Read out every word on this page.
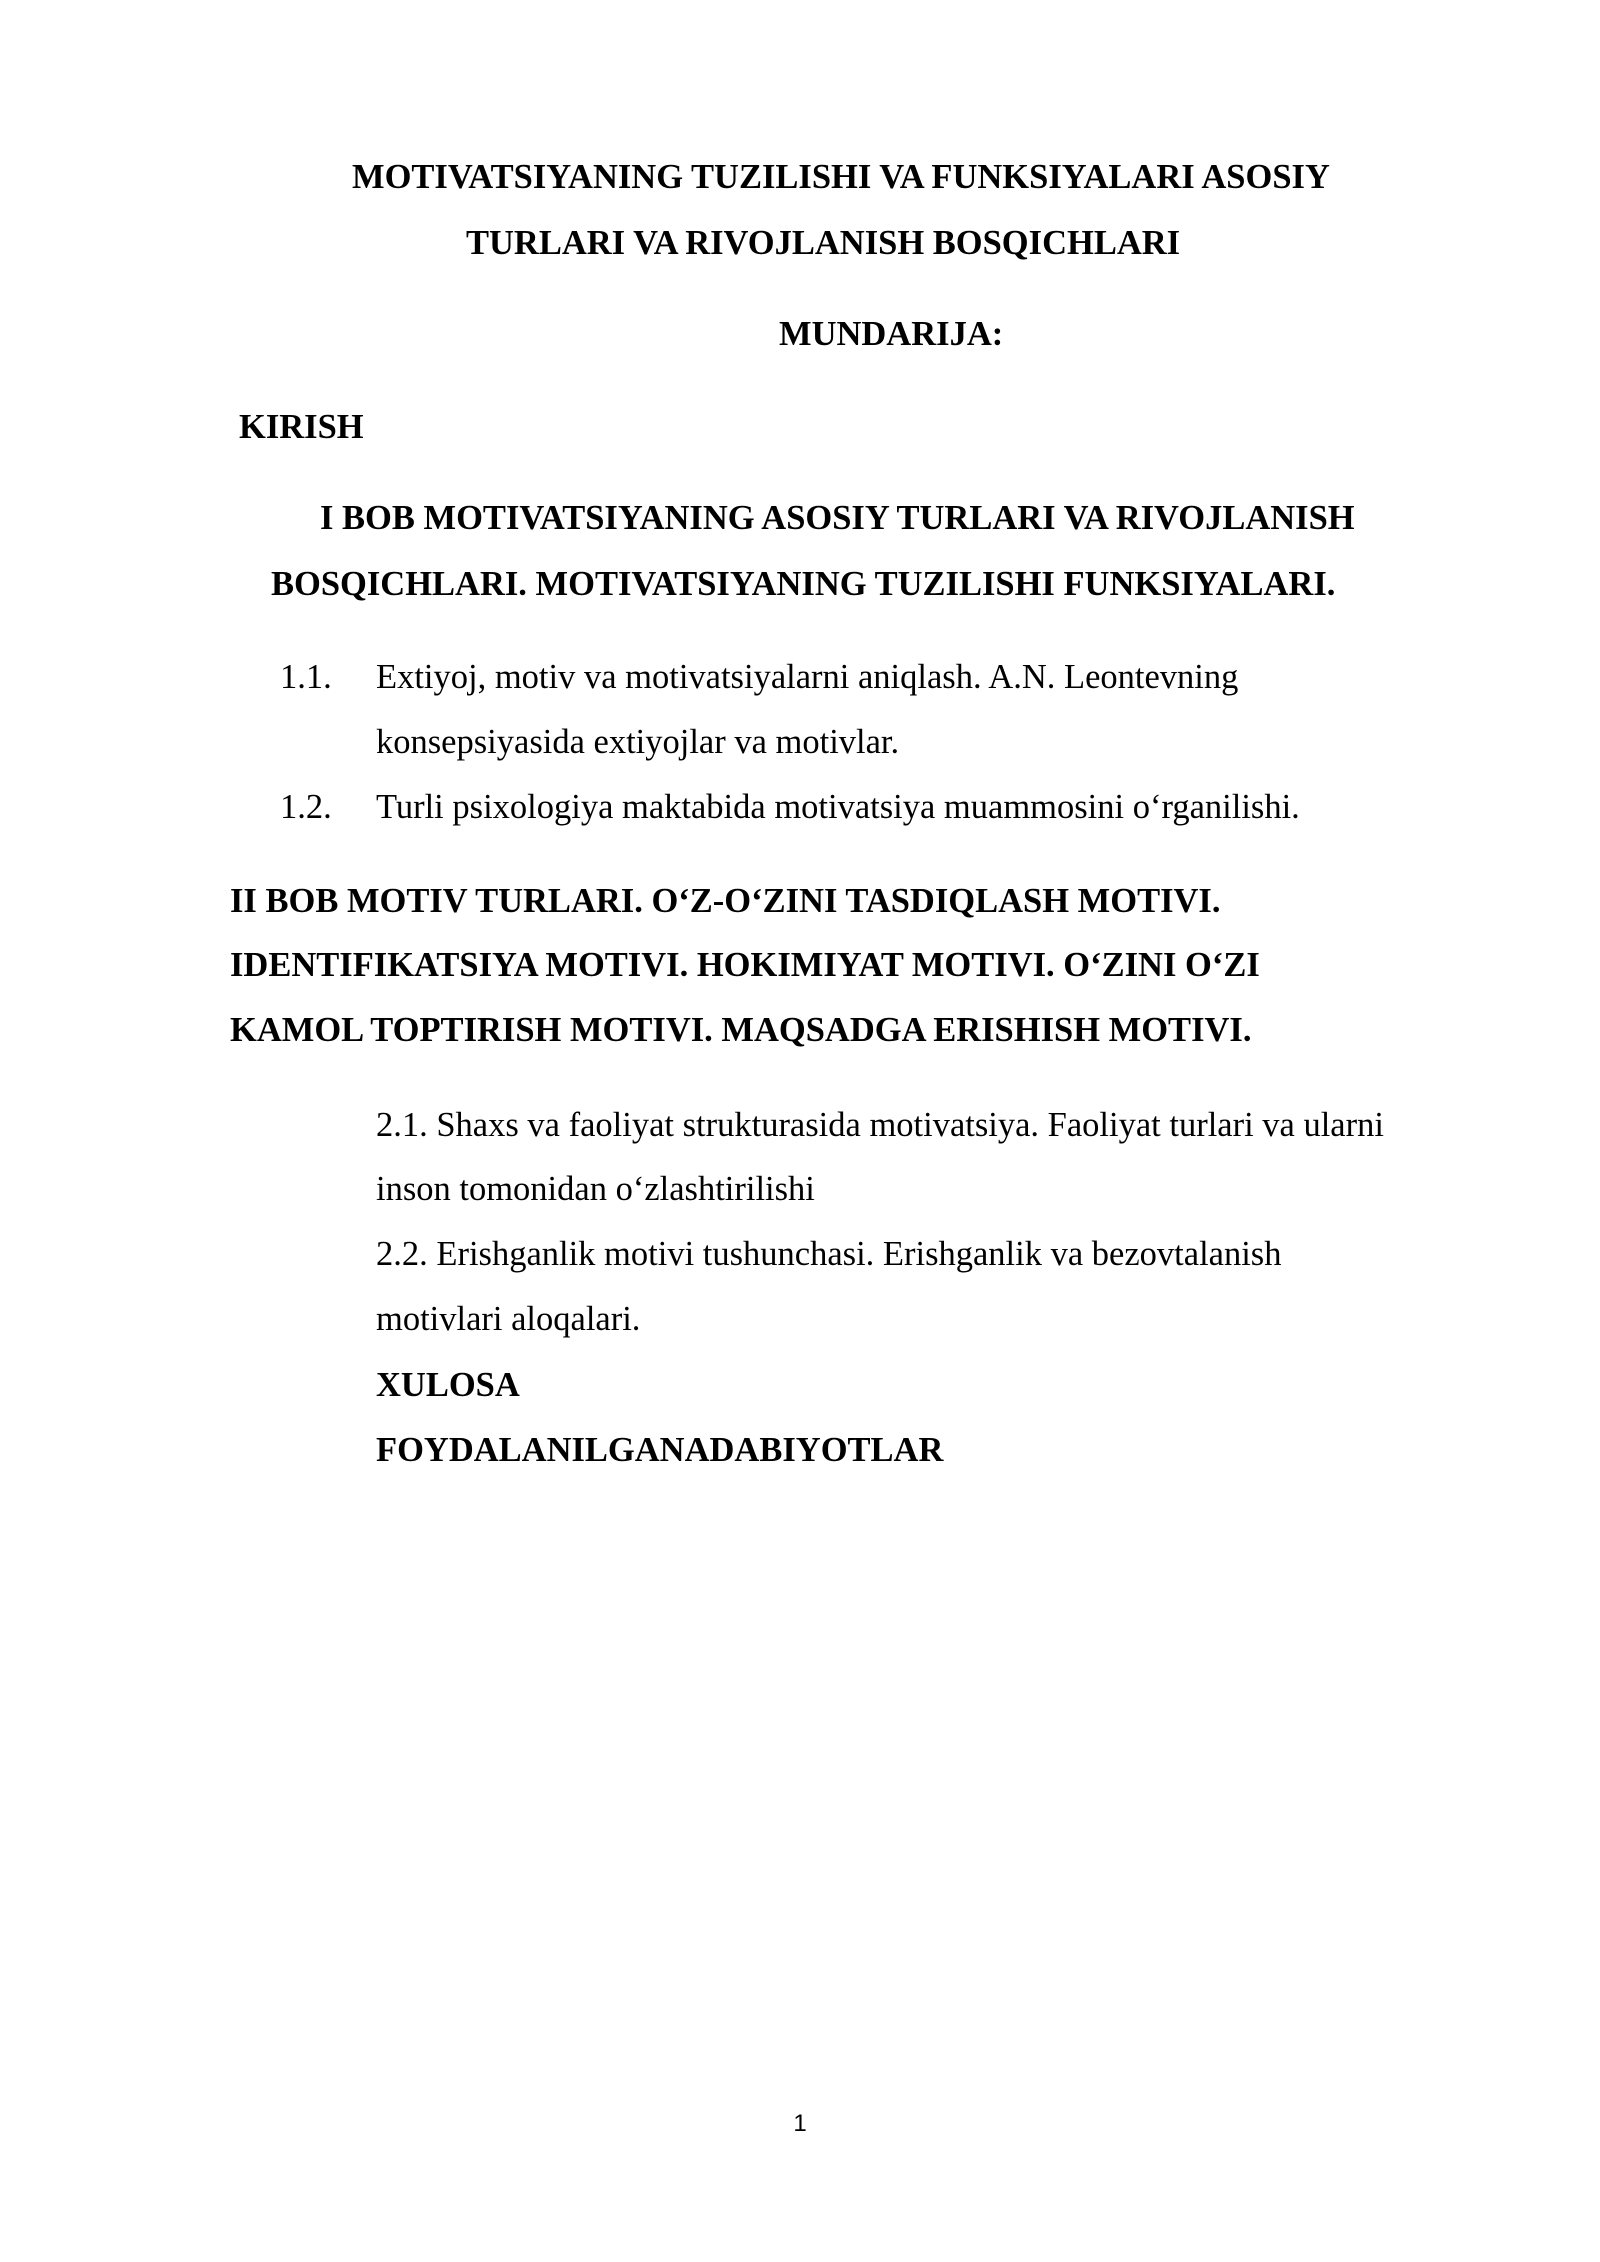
MOTIVATSIYANING TUZILISHI VA FUNKSIYALARI ASOSIY
TURLARI VA RIVOJLANISH BOSQICHLARI
MUNDARIJA:
KIRISH
I BOB MOTIVATSIYANING ASOSIY TURLARI VA RIVOJLANISH
BOSQICHLARI. MOTIVATSIYANING TUZILISHI FUNKSIYALARI.
1.1. Extiyoj, motiv va motivatsiyalarni aniqlash. A.N. Leontevning
konsepsiyasida extiyojlar va motivlar.
1.2. Turli psixologiya maktabida motivatsiya muammosini o‘rganilishi.
II BOB MOTIV TURLARI. O‘Z-O‘ZINI TASDIQLASH MOTIVI.
IDENTIFIKATSIYA MOTIVI. HOKIMIYAT MOTIVI. O‘ZINI O‘ZI
KAMOL TOPTIRISH MOTIVI. MAQSADGA ERISHISH MOTIVI.
2.1. Shaxs va faoliyat strukturasida motivatsiya. Faoliyat turlari va ularni
inson tomonidan o‘zlashtirilishi
2.2. Erishganlik motivi tushunchasi. Erishganlik va bezovtalanish
motivlari aloqalari.
XULOSA
FOYDALANILGANADABIYOTLAR
1
